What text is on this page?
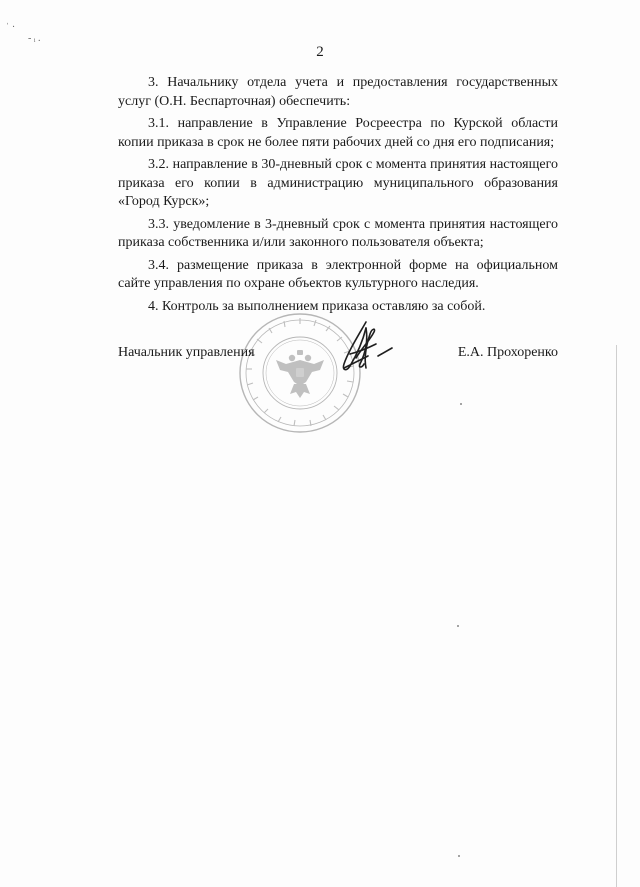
ˈ ·
- ᵢ .
2

3. Начальнику отдела учета и предоставления государственных услуг (О.Н. Беспарточная) обеспечить:

3.1. направление в Управление Росреестра по Курской области копии приказа в срок не более пяти рабочих дней со дня его подписания;

3.2. направление в 30-дневный срок с момента принятия настоящего приказа его копии в администрацию муниципального образования «Город Курск»;

3.3. уведомление в 3-дневный срок с момента принятия настоящего приказа собственника и/или законного пользователя объекта;

3.4. размещение приказа в электронной форме на официальном сайте управления по охране объектов культурного наследия.

4. Контроль за выполнением приказа оставляю за собой.

Начальник управления	Е.А. Прохоренко
